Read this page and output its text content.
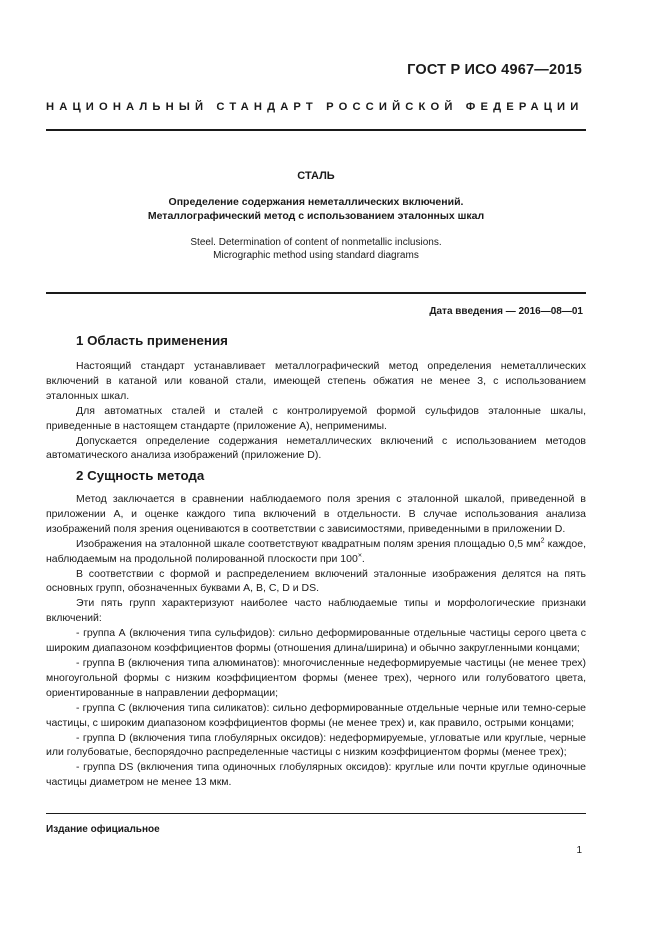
ГОСТ Р ИСО 4967—2015
НАЦИОНАЛЬНЫЙ СТАНДАРТ РОССИЙСКОЙ ФЕДЕРАЦИИ
СТАЛЬ
Определение содержания неметаллических включений.
Металлографический метод с использованием эталонных шкал
Steel. Determination of content of nonmetallic inclusions.
Micrographic method using standard diagrams
Дата введения — 2016—08—01
1 Область применения

Настоящий стандарт устанавливает металлографический метод определения неметаллических включений в катаной или кованой стали, имеющей степень обжатия не менее 3, с использованием эталонных шкал.

Для автоматных сталей и сталей с контролируемой формой сульфидов эталонные шкалы, приведенные в настоящем стандарте (приложение А), неприменимы.

Допускается определение содержания неметаллических включений с использованием методов автоматического анализа изображений (приложение D).

2 Сущность метода

Метод заключается в сравнении наблюдаемого поля зрения с эталонной шкалой, приведенной в приложении А, и оценке каждого типа включений в отдельности. В случае использования анализа изображений поля зрения оцениваются в соответствии с зависимостями, приведенными в приложении D.

Изображения на эталонной шкале соответствуют квадратным полям зрения площадью 0,5 $мм^2$ каждое, наблюдаемым на продольной полированной плоскости при 100×.

В соответствии с формой и распределением включений эталонные изображения делятся на пять основных групп, обозначенных буквами А, В, С, D и DS.

Эти пять групп характеризуют наиболее часто наблюдаемые типы и морфологические признаки включений:

- группа А (включения типа сульфидов): сильно деформированные отдельные частицы серого цвета с широким диапазоном коэффициентов формы (отношения длина/ширина) и обычно закругленными концами;

- группа В (включения типа алюминатов): многочисленные недеформируемые частицы (не менее трех) многоугольной формы с низким коэффициентом формы (менее трех), черного или голубоватого цвета, ориентированные в направлении деформации;

- группа С (включения типа силикатов): сильно деформированные отдельные черные или темно-серые частицы, с широким диапазоном коэффициентов формы (не менее трех) и, как правило, острыми концами;

- группа D (включения типа глобулярных оксидов): недеформируемые, угловатые или круглые, черные или голубоватые, беспорядочно распределенные частицы с низким коэффициентом формы (менее трех);

- группа DS (включения типа одиночных глобулярных оксидов): круглые или почти круглые одиночные частицы диаметром не менее 13 мкм.

Издание официальное
1
